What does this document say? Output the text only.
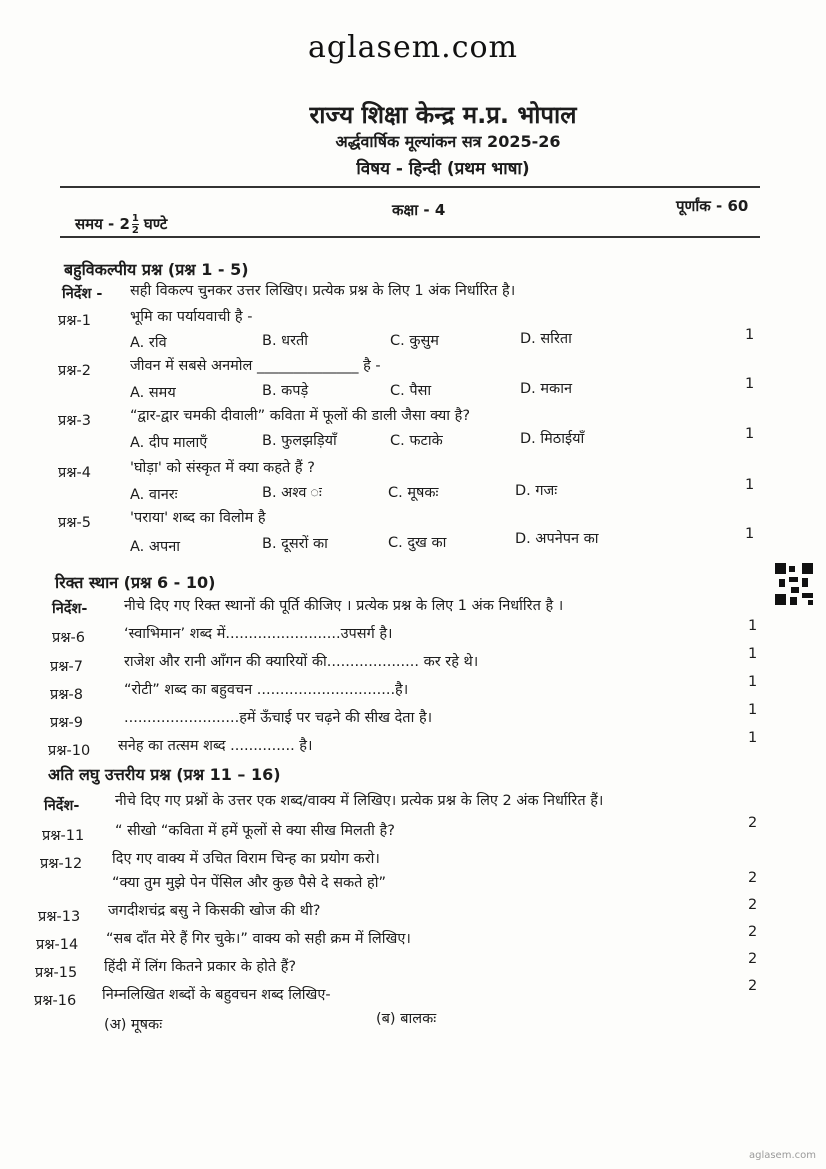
aglasem.com
राज्य शिक्षा केन्द्र म.प्र. भोपाल
अर्द्धवार्षिक मूल्यांकन सत्र 2025-26
विषय - हिन्दी (प्रथम भाषा)
समय - $2 \frac{1}{2}$ घण्टे
कक्षा - 4	पूर्णांक - 60
बहुविकल्पीय प्रश्न (प्रश्न 1 - 5)
निर्देश - सही विकल्प चुनकर उत्तर लिखिए। प्रत्येक प्रश्न के लिए 1 अंक निर्धारित है।
प्रश्न-1	भूमि का पर्यायवाची है -
A. रवि	B. धरती	C. कुसुम	D. सरिता	1
प्रश्न-2	जीवन में सबसे अनमोल ______________ है -
A. समय	B. कपड़े	C. पैसा	D. मकान	1
प्रश्न-3	“द्वार-द्वार चमकी दीवाली” कविता में फूलों की डाली जैसा क्या है?
A. दीप मालाएँ	B. फुलझड़ियाँ	C. फटाके	D. मिठाईयाँ	1
प्रश्न-4	'घोड़ा' को संस्कृत में क्या कहते हैं ?
A. वानरः	B. अश्व ः	C. मूषकः	D. गजः	1
प्रश्न-5	'पराया' शब्द का विलोम है
A. अपना	B. दूसरों का	C. दुख का	D. अपनेपन का	1
रिक्त स्थान (प्रश्न 6 - 10)
निर्देश-	नीचे दिए गए रिक्त स्थानों की पूर्ति कीजिए । प्रत्येक प्रश्न के लिए 1 अंक निर्धारित है ।
प्रश्न-6	‘स्वाभिमान’ शब्द में.........................उपसर्ग है।	1
प्रश्न-7	राजेश और रानी आँगन की क्यारियों की.................... कर रहे थे।	1
प्रश्न-8	“रोटी” शब्द का बहुवचन ..............................है।	1
प्रश्न-9	.........................हमें ऊँचाई पर चढ़ने की सीख देता है।	1
प्रश्न-10 सनेह का तत्सम शब्द .............. है।	1
अति लघु उत्तरीय प्रश्न (प्रश्न 11 – 16)
निर्देश- नीचे दिए गए प्रश्नों के उत्तर एक शब्द/वाक्य में लिखिए। प्रत्येक प्रश्न के लिए 2 अंक निर्धारित हैं।
प्रश्न-11 “ सीखो “कविता में हमें फूलों से क्या सीख मिलती है?	2
प्रश्न-12 दिए गए वाक्य में उचित विराम चिन्ह का प्रयोग करो।
“क्या तुम मुझे पेन पेंसिल और कुछ पैसे दे सकते हो”	2
प्रश्न-13 जगदीशचंद्र बसु ने किसकी खोज की थी?	2
प्रश्न-14 “सब दाँत मेरे हैं गिर चुके।” वाक्य को सही क्रम में लिखिए।	2
प्रश्न-15 हिंदी में लिंग कितने प्रकार के होते हैं?	2
प्रश्न-16 निम्नलिखित शब्दों के बहुवचन शब्द लिखिए-
2
(अ) मूषकः	(ब) बालकः
aglasem.com
